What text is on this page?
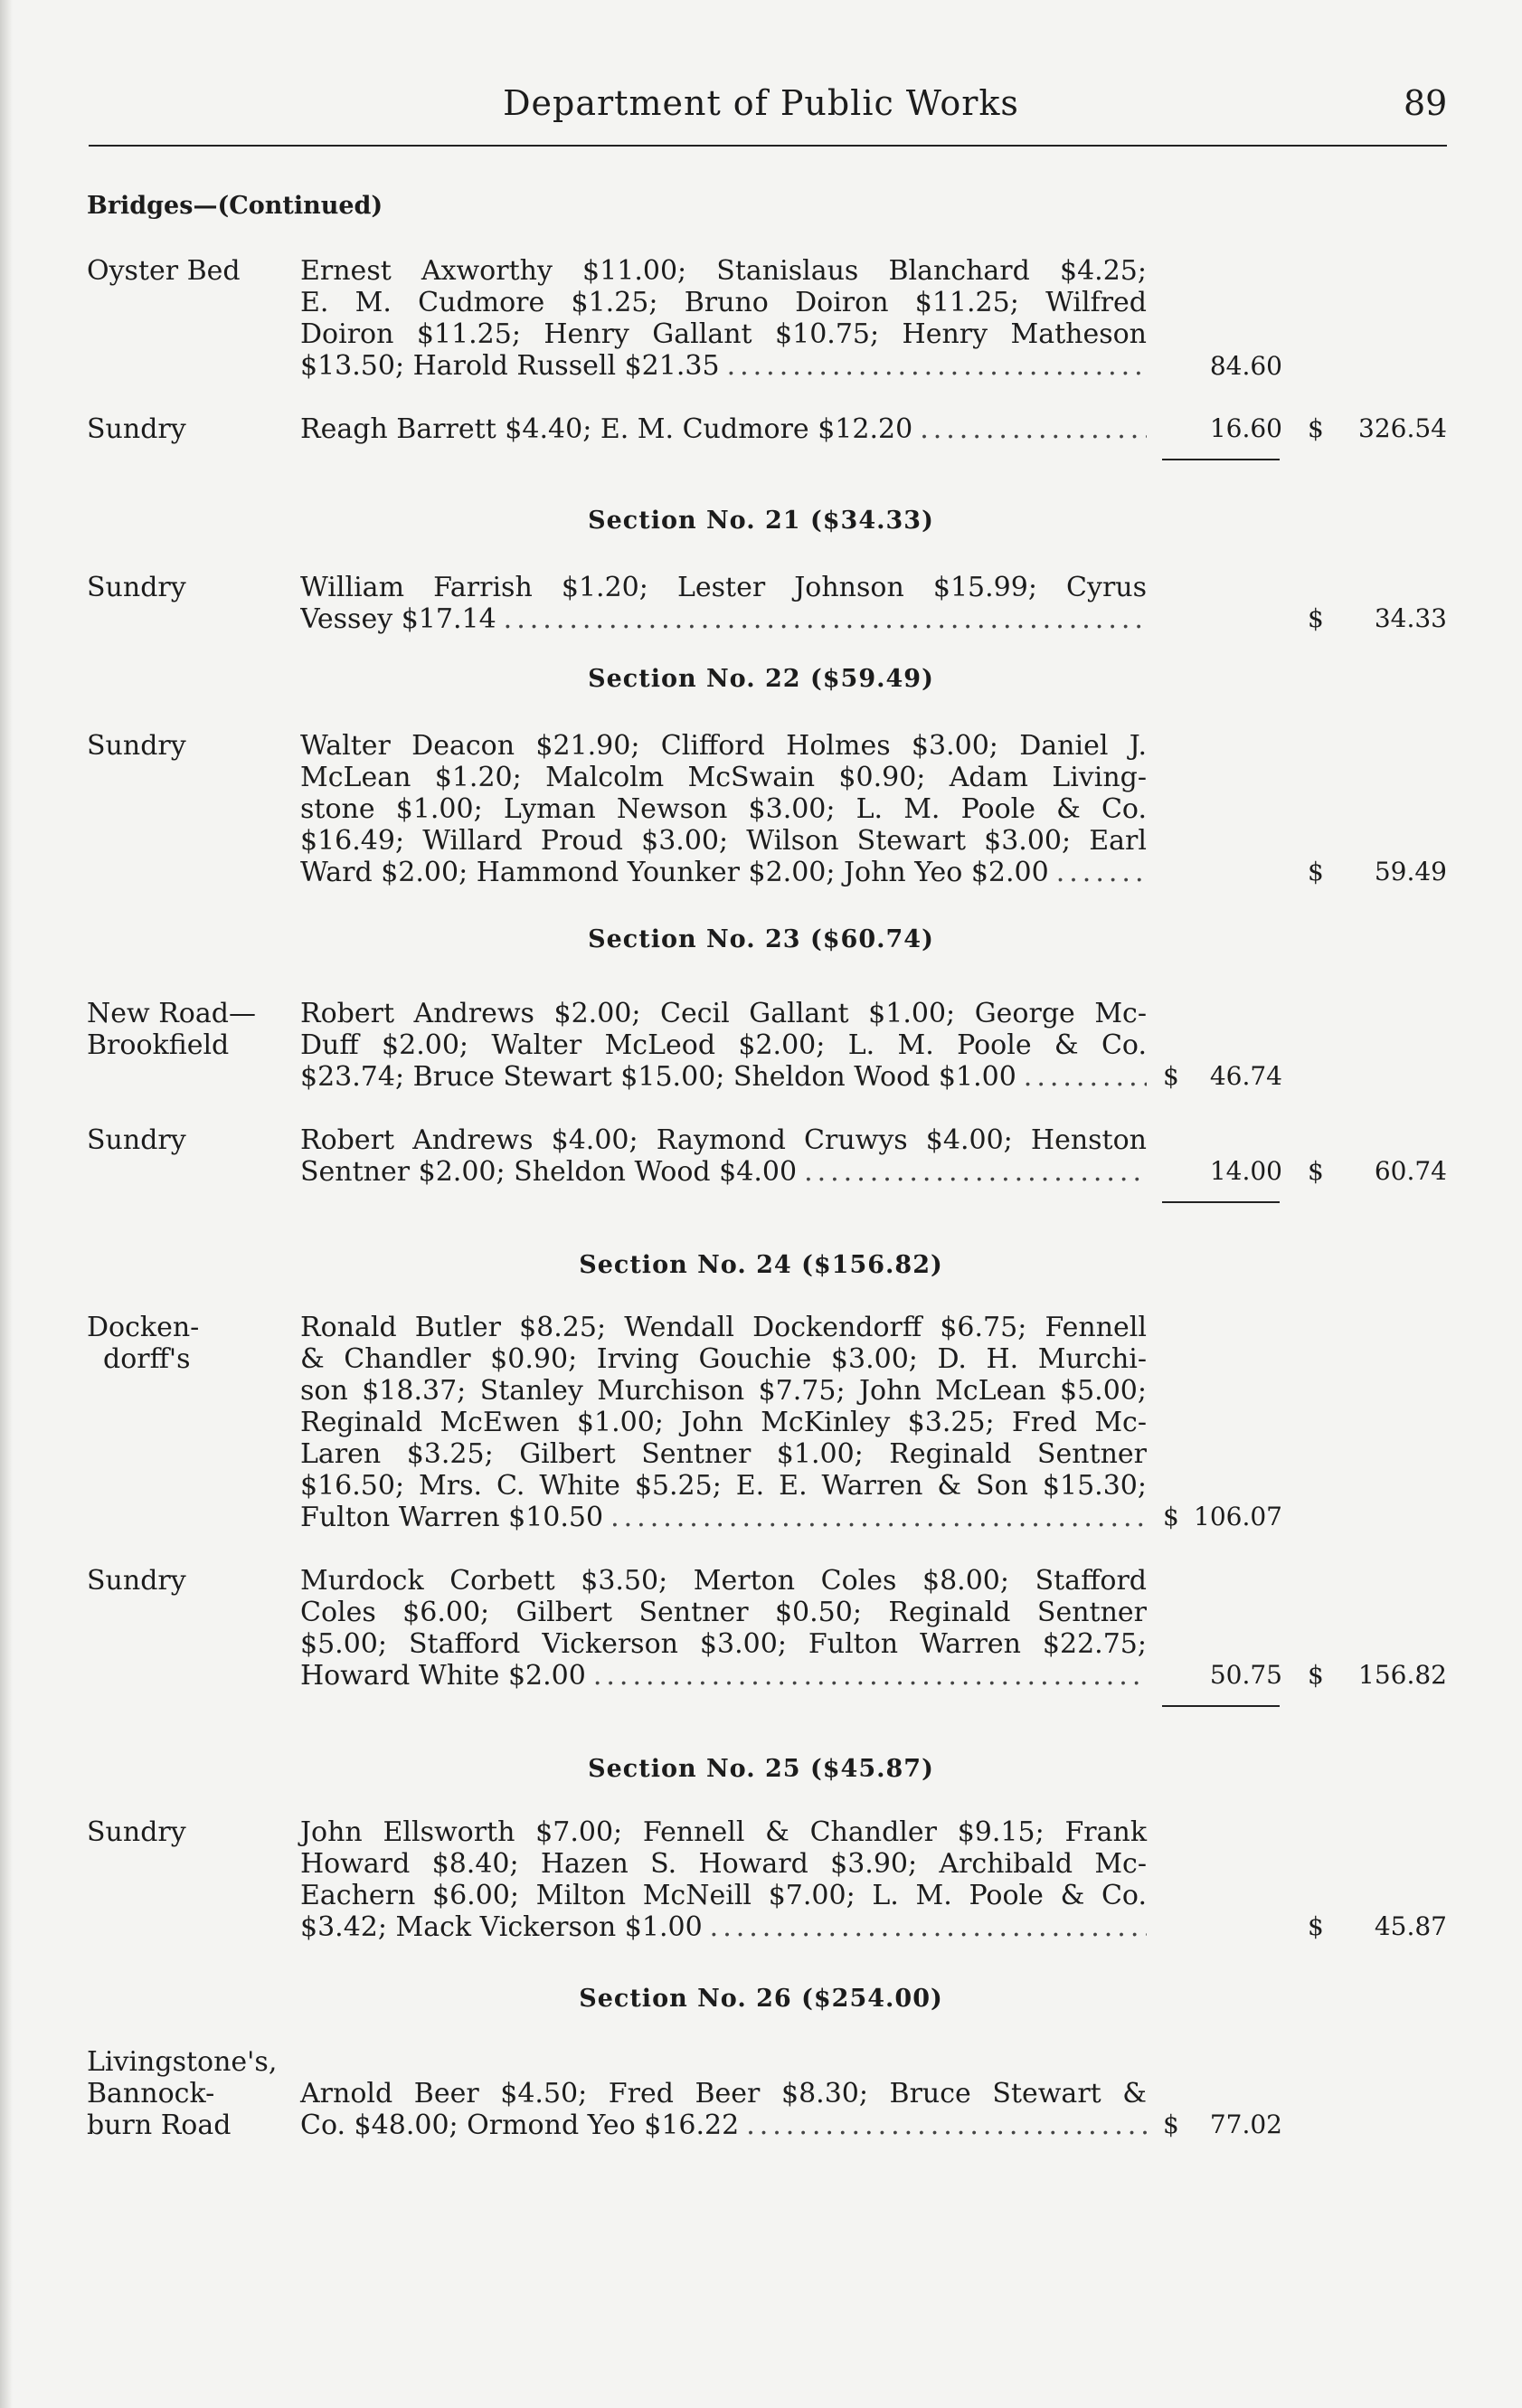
Department of Public Works	89
Bridges—(Continued)
Oyster Bed	Ernest Axworthy $11.00; Stanislaus Blanchard $4.25;
E. M. Cudmore $1.25; Bruno Doiron $11.25; Wilfred
Doiron $11.25; Henry Gallant $10.75; Henry Matheson
$13.50; Harold Russell $21.35 .....	84.60
Sundry	Reagh Barrett $4.40; E. M. Cudmore $12.20 .....	16.60 $	326.54
Section No. 21 ($34.33)
Sundry	William Farrish $1.20; Lester Johnson $15.99; Cyrus
Vessey $17.14 .....	$	34.33
Section No. 22 ($59.49)
Sundry	Walter Deacon $21.90; Clifford Holmes $3.00; Daniel J.
McLean $1.20; Malcolm McSwain $0.90; Adam Living-
stone $1.00; Lyman Newson $3.00; L. M. Poole & Co.
$16.49; Willard Proud $3.00; Wilson Stewart $3.00; Earl
Ward $2.00; Hammond Younker $2.00; John Yeo $2.00 .....	$	59.49
Section No. 23 ($60.74)
New Road—
Brookfield
Robert Andrews $2.00; Cecil Gallant $1.00; George Mc-
Duff $2.00; Walter McLeod $2.00; L. M. Poole & Co.
$23.74; Bruce Stewart $15.00; Sheldon Wood $1.00 .....	$	46.74
Sundry	Robert Andrews $4.00; Raymond Cruwys $4.00; Henston
Sentner $2.00; Sheldon Wood $4.00 .....	14.00 $	60.74
Section No. 24 ($156.82)
Docken-
dorff's
Ronald Butler $8.25; Wendall Dockendorff $6.75; Fennell
& Chandler $0.90; Irving Gouchie $3.00; D. H. Murchi-
son $18.37; Stanley Murchison $7.75; John McLean $5.00;
Reginald McEwen $1.00; John McKinley $3.25; Fred Mc-
Laren $3.25; Gilbert Sentner $1.00; Reginald Sentner
$16.50; Mrs. C. White $5.25; E. E. Warren & Son $15.30;
Fulton Warren $10.50 .....	$ 106.07
Sundry	Murdock Corbett $3.50; Merton Coles $8.00; Stafford
Coles $6.00; Gilbert Sentner $0.50; Reginald Sentner
$5.00; Stafford Vickerson $3.00; Fulton Warren $22.75;
Howard White $2.00 .....	50.75 $	156.82
Section No. 25 ($45.87)
Sundry	John Ellsworth $7.00; Fennell & Chandler $9.15; Frank
Howard $8.40; Hazen S. Howard $3.90; Archibald Mc-
Eachern $6.00; Milton McNeill $7.00; L. M. Poole & Co.
$3.42; Mack Vickerson $1.00 .....	$	45.87
Section No. 26 ($254.00)
Livingstone's,
Bannock-
burn Road
Arnold Beer $4.50; Fred Beer $8.30; Bruce Stewart &
Co. $48.00; Ormond Yeo $16.22 .....	$	77.02
